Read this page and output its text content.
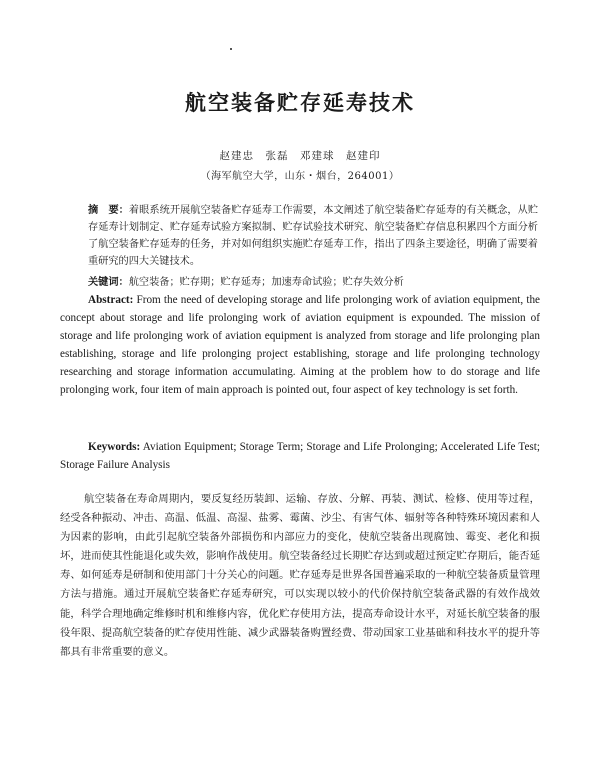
航空装备贮存延寿技术
赵建忠　张磊　邓建球　赵建印
（海军航空大学，山东・烟台，264001）
摘　要：着眼系统开展航空装备贮存延寿工作需要，本文阐述了航空装备贮存延寿的有关概念，从贮存延寿计划制定、贮存延寿试验方案拟制、贮存试验技术研究、航空装备贮存信息积累四个方面分析了航空装备贮存延寿的任务，并对如何组织实施贮存延寿工作，指出了四条主要途径，明确了需要着重研究的四大关键技术。
关键词：航空装备；贮存期；贮存延寿；加速寿命试验；贮存失效分析
Abstract: From the need of developing storage and life prolonging work of aviation equipment, the concept about storage and life prolonging work of aviation equipment is expounded. The mission of storage and life prolonging work of aviation equipment is analyzed from storage and life prolonging plan establishing, storage and life prolonging project establishing, storage and life prolonging technology researching and storage information accumulating. Aiming at the problem how to do storage and life prolonging work, four item of main approach is pointed out, four aspect of key technology is set forth.
Keywords: Aviation Equipment; Storage Term; Storage and Life Prolonging; Accelerated Life Test; Storage Failure Analysis
航空装备在寿命周期内，要反复经历装卸、运输、存放、分解、再装、测试、检修、使用等过程，经受各种振动、冲击、高温、低温、高湿、盐雾、霉菌、沙尘、有害气体、辐射等各种特殊环境因素和人为因素的影响，由此引起航空装备外部损伤和内部应力的变化，使航空装备出现腐蚀、霉变、老化和损坏，进而使其性能退化或失效，影响作战使用。航空装备经过长期贮存达到或超过预定贮存期后，能否延寿、如何延寿是研制和使用部门十分关心的问题。贮存延寿是世界各国普遍采取的一种航空装备质量管理方法与措施。通过开展航空装备贮存延寿研究，可以实现以较小的代价保持航空装备武器的有效作战效能，科学合理地确定维修时机和维修内容，优化贮存使用方法，提高寿命设计水平，对延长航空装备的服役年限、提高航空装备的贮存使用性能、减少武器装备购置经费、带动国家工业基础和科技水平的提升等都具有非常重要的意义。
